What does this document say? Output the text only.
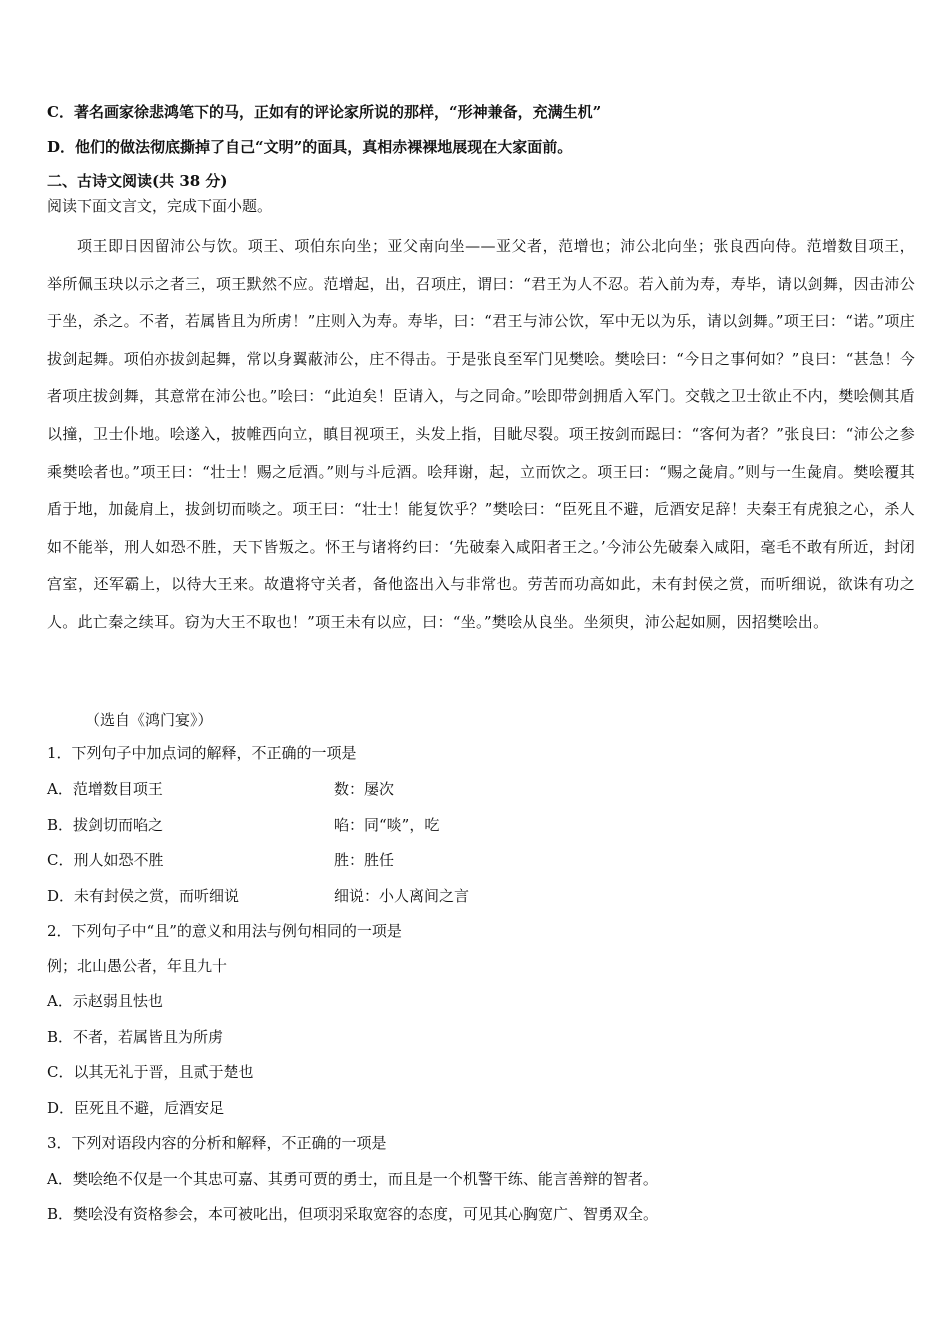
C．著名画家徐悲鸿笔下的马，正如有的评论家所说的那样，“形神兼备，充满生机”
D．他们的做法彻底撕掉了自己“文明”的面具，真相赤裸裸地展现在大家面前。
二、古诗文阅读(共 38 分)
阅读下面文言文，完成下面小题。
项王即日因留沛公与饮。项王、项伯东向坐；亚父南向坐——亚父者，范增也；沛公北向坐；张良西向侍。范增数目项王，举所佩玉玦以示之者三，项王默然不应。范增起，出，召项庄，谓曰：“君王为人不忍。若入前为寿，寿毕，请以剑舞，因击沛公于坐，杀之。不者，若属皆且为所虏！”庄则入为寿。寿毕，曰：“君王与沛公饮，军中无以为乐，请以剑舞。”项王曰：“诺。”项庄拔剑起舞。项伯亦拔剑起舞，常以身翼蔽沛公，庄不得击。于是张良至军门见樊哙。樊哙曰：“今日之事何如？”良曰：“甚急！今者项庄拔剑舞，其意常在沛公也。”哙曰：“此迫矣！臣请入，与之同命。”哙即带剑拥盾入军门。交戟之卫士欲止不内，樊哙侧其盾以撞，卫士仆地。哙遂入，披帷西向立，瞋目视项王，头发上指，目眦尽裂。项王按剑而跽曰：“客何为者？”张良曰：“沛公之参乘樊哙者也。”项王曰：“壮士！赐之卮酒。”则与斗卮酒。哙拜谢，起，立而饮之。项王曰：“赐之彘肩。”则与一生彘肩。樊哙覆其盾于地，加彘肩上，拔剑切而啖之。项王曰：“壮士！能复饮乎？”樊哙曰：“臣死且不避，卮酒安足辞！夫秦王有虎狼之心，杀人如不能举，刑人如恐不胜，天下皆叛之。怀王与诸将约曰：‘先破秦入咸阳者王之。’今沛公先破秦入咸阳，毫毛不敢有所近，封闭宫室，还军霸上，以待大王来。故遣将守关者，备他盗出入与非常也。劳苦而功高如此，未有封侯之赏，而听细说，欲诛有功之人。此亡秦之续耳。窃为大王不取也！”项王未有以应，曰：“坐。”樊哙从良坐。坐须臾，沛公起如厕，因招樊哙出。
（选自《鸿门宴》）
1．下列句子中加点词的解释，不正确的一项是
A．范增数目项王	数：屡次
B．拔剑切而啗之	啗：同“啖”，吃
C．刑人如恐不胜	胜：胜任
D．未有封侯之赏，而听细说	细说：小人离间之言
2．下列句子中“且”的意义和用法与例句相同的一项是
例；北山愚公者，年且九十
A．示赵弱且怯也
B．不者，若属皆且为所虏
C．以其无礼于晋，且贰于楚也
D．臣死且不避，卮酒安足
3．下列对语段内容的分析和解释，不正确的一项是
A．樊哙绝不仅是一个其忠可嘉、其勇可贾的勇士，而且是一个机警干练、能言善辩的智者。
B．樊哙没有资格参会，本可被叱出，但项羽采取宽容的态度，可见其心胸宽广、智勇双全。
